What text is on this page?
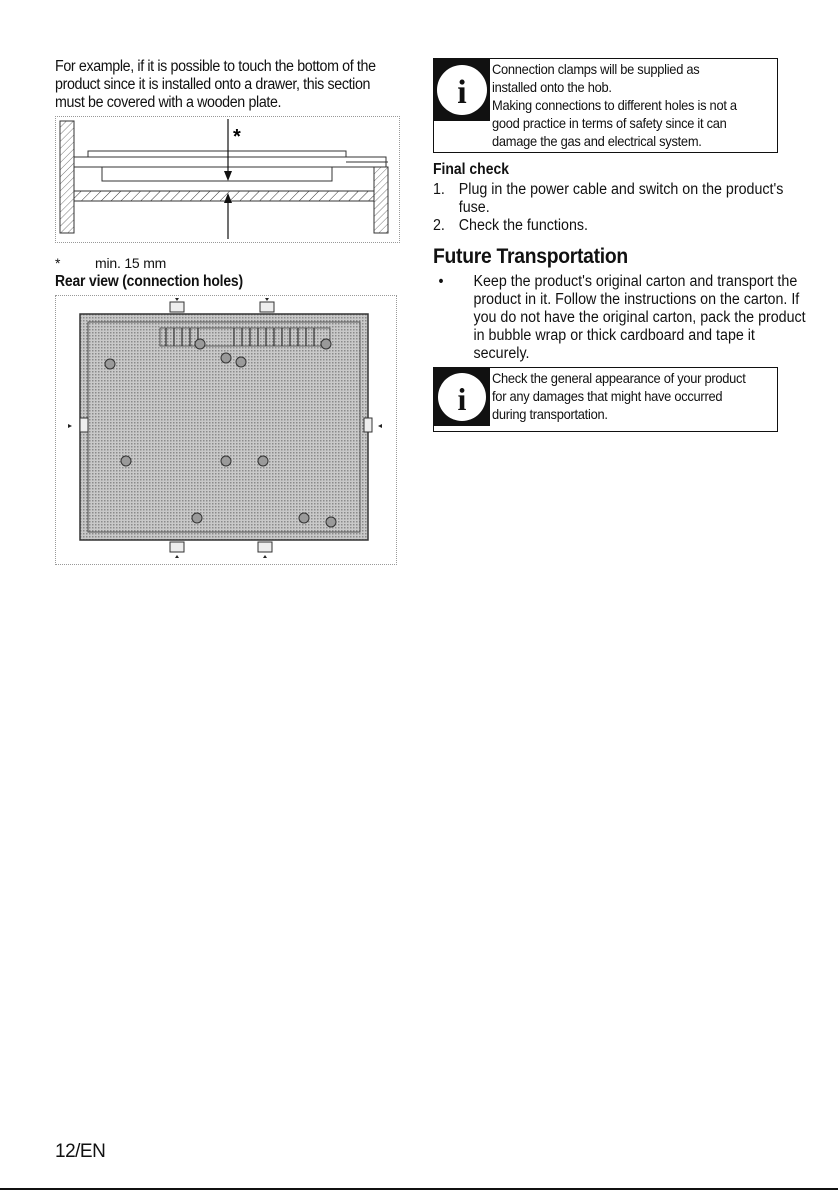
For example, if it is possible to touch the bottom of the product since it is installed onto a drawer, this section must be covered with a wooden plate.
*
* min. 15 mm
Rear view (connection holes)
i
Connection clamps will be supplied as
installed onto the hob.
Making connections to different holes is not a
good practice in terms of safety since it can
damage the gas and electrical system.
Final check
1. Plug in the power cable and switch on the product's fuse.
2. Check the functions.
Future Transportation
• Keep the product's original carton and transport the product in it. Follow the instructions on the carton. If you do not have the original carton, pack the product in bubble wrap or thick cardboard and tape it securely.
i
Check the general appearance of your product
for any damages that might have occurred
during transportation.
12/EN
